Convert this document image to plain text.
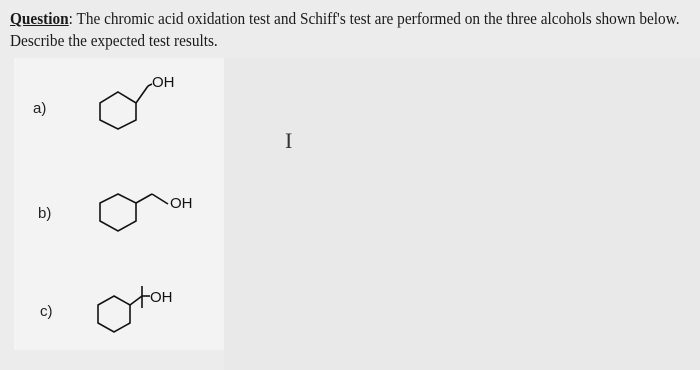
Question: The chromic acid oxidation test and Schiff's test are performed on the three alcohols shown below. Describe the expected test results.
a)
OH
b)
OH
c)
OH
I
